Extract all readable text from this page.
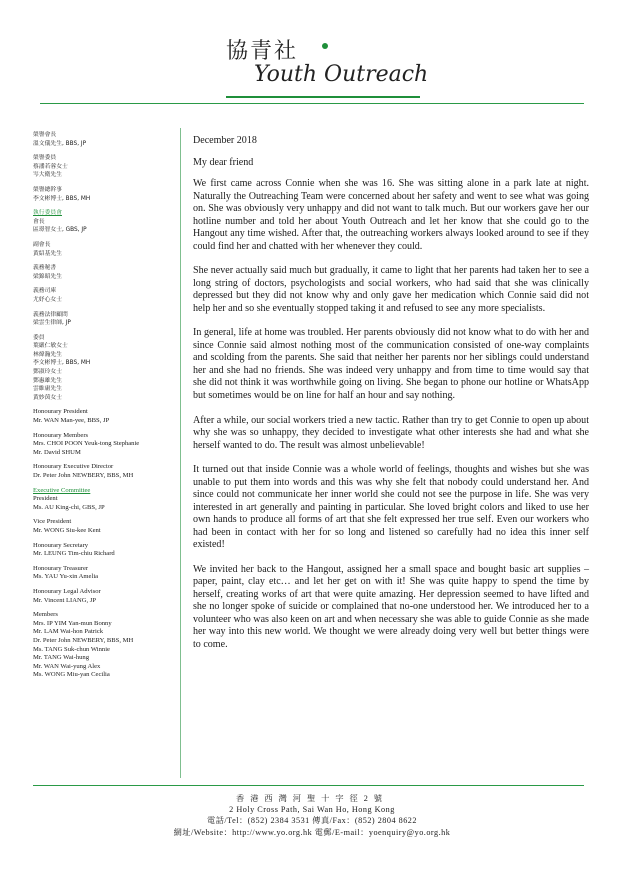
協青社
Youth Outreach
榮譽會長
溫文儀先生, BBS, JP
榮譽委員
蔡潘若蓉女士
岑大衛先生
榮譽總幹事
李文彬博士, BBS, MH
執行委員會
會長
區璟智女士, GBS, JP
副會長
黃紹基先生
義務秘書
梁錦昭先生
義務司庫
尤妤心女士
義務法律顧問
梁雲生律師, JP
委員
葉嚴仁敏女士
林煒瀚先生
李文彬博士, BBS, MH
鄧淑玲女士
鄧惠雄先生
雲維庸先生
黃妙茵女士
Honourary President
Mr. WAN Man-yee, BBS, JP
Honourary Members
Mrs. CHOI POON Yeuk-tong Stephanie
Mr. David SHUM
Honourary Executive Director
Dr. Peter John NEWBERY, BBS, MH
Executive Committee
President
Ms. AU King-chi, GBS, JP
Vice President
Mr. WONG Siu-kee Kent
Honourary Secretary
Mr. LEUNG Tim-chiu Richard
Honourary Treasurer
Ms. YAU Yu-xin Amelia
Honourary Legal Advisor
Mr. Vincent LIANG, JP
Members
Mrs. IP YIM Yan-mun Bonny
Mr. LAM Wai-hon Patrick
Dr. Peter John NEWBERY, BBS, MH
Ms. TANG Suk-chun Winnie
Mr. TANG Wai-hung
Mr. WAN Wai-yung Alex
Ms. WONG Miu-yan Cecilia

December 2018

My dear friend

We first came across Connie when she was 16. She was sitting alone in a park late at night. Naturally the Outreaching Team were concerned about her safety and went to see what was going on. She was obviously very unhappy and did not want to talk much. But our workers gave her our hotline number and told her about Youth Outreach and let her know that she could go to the Hangout any time wished. After that, the outreaching workers always looked around to see if they could find her and chatted with her whenever they could.

She never actually said much but gradually, it came to light that her parents had taken her to see a long string of doctors, psychologists and social workers, who had said that she was clinically depressed but they did not know why and only gave her medication which Connie said did not help her and so she eventually stopped taking it and refused to see any more specialists.

In general, life at home was troubled. Her parents obviously did not know what to do with her and since Connie said almost nothing most of the communication consisted of one-way complaints and scolding from the parents. She said that neither her parents nor her siblings could understand her and she had no friends. She was indeed very unhappy and from time to time would say that she did not think it was worthwhile going on living. She began to phone our hotline or WhatsApp but sometimes would be on line for half an hour and say nothing.

After a while, our social workers tried a new tactic. Rather than try to get Connie to open up about why she was so unhappy, they decided to investigate what other interests she had and what she herself wanted to do. The result was almost unbelievable!

It turned out that inside Connie was a whole world of feelings, thoughts and wishes but she was unable to put them into words and this was why she felt that nobody could understand her. And since could not communicate her inner world she could not see the purpose in life. She was very interested in art generally and painting in particular. She loved bright colors and liked to use her own hands to produce all forms of art that she felt expressed her true self. Even our workers who had been in contact with her for so long and listened so carefully had no idea this inner self existed!

We invited her back to the Hangout, assigned her a small space and bought basic art supplies – paper, paint, clay etc… and let her get on with it! She was quite happy to spend the time by herself, creating works of art that were quite amazing. Her depression seemed to have lifted and she no longer spoke of suicide or complained that no-one understood her. We introduced her to a volunteer who was also keen on art and when necessary she was able to guide Connie as she made her way into this new world. We thought we were already doing very well but better things were to come.

香港西灣河聖十字徑2號
2 Holy Cross Path, Sai Wan Ho, Hong Kong
電話/Tel：(852) 2384 3531 傳真/Fax：(852) 2804 8622
網址/Website：http://www.yo.org.hk 電郵/E-mail：yoenquiry@yo.org.hk
